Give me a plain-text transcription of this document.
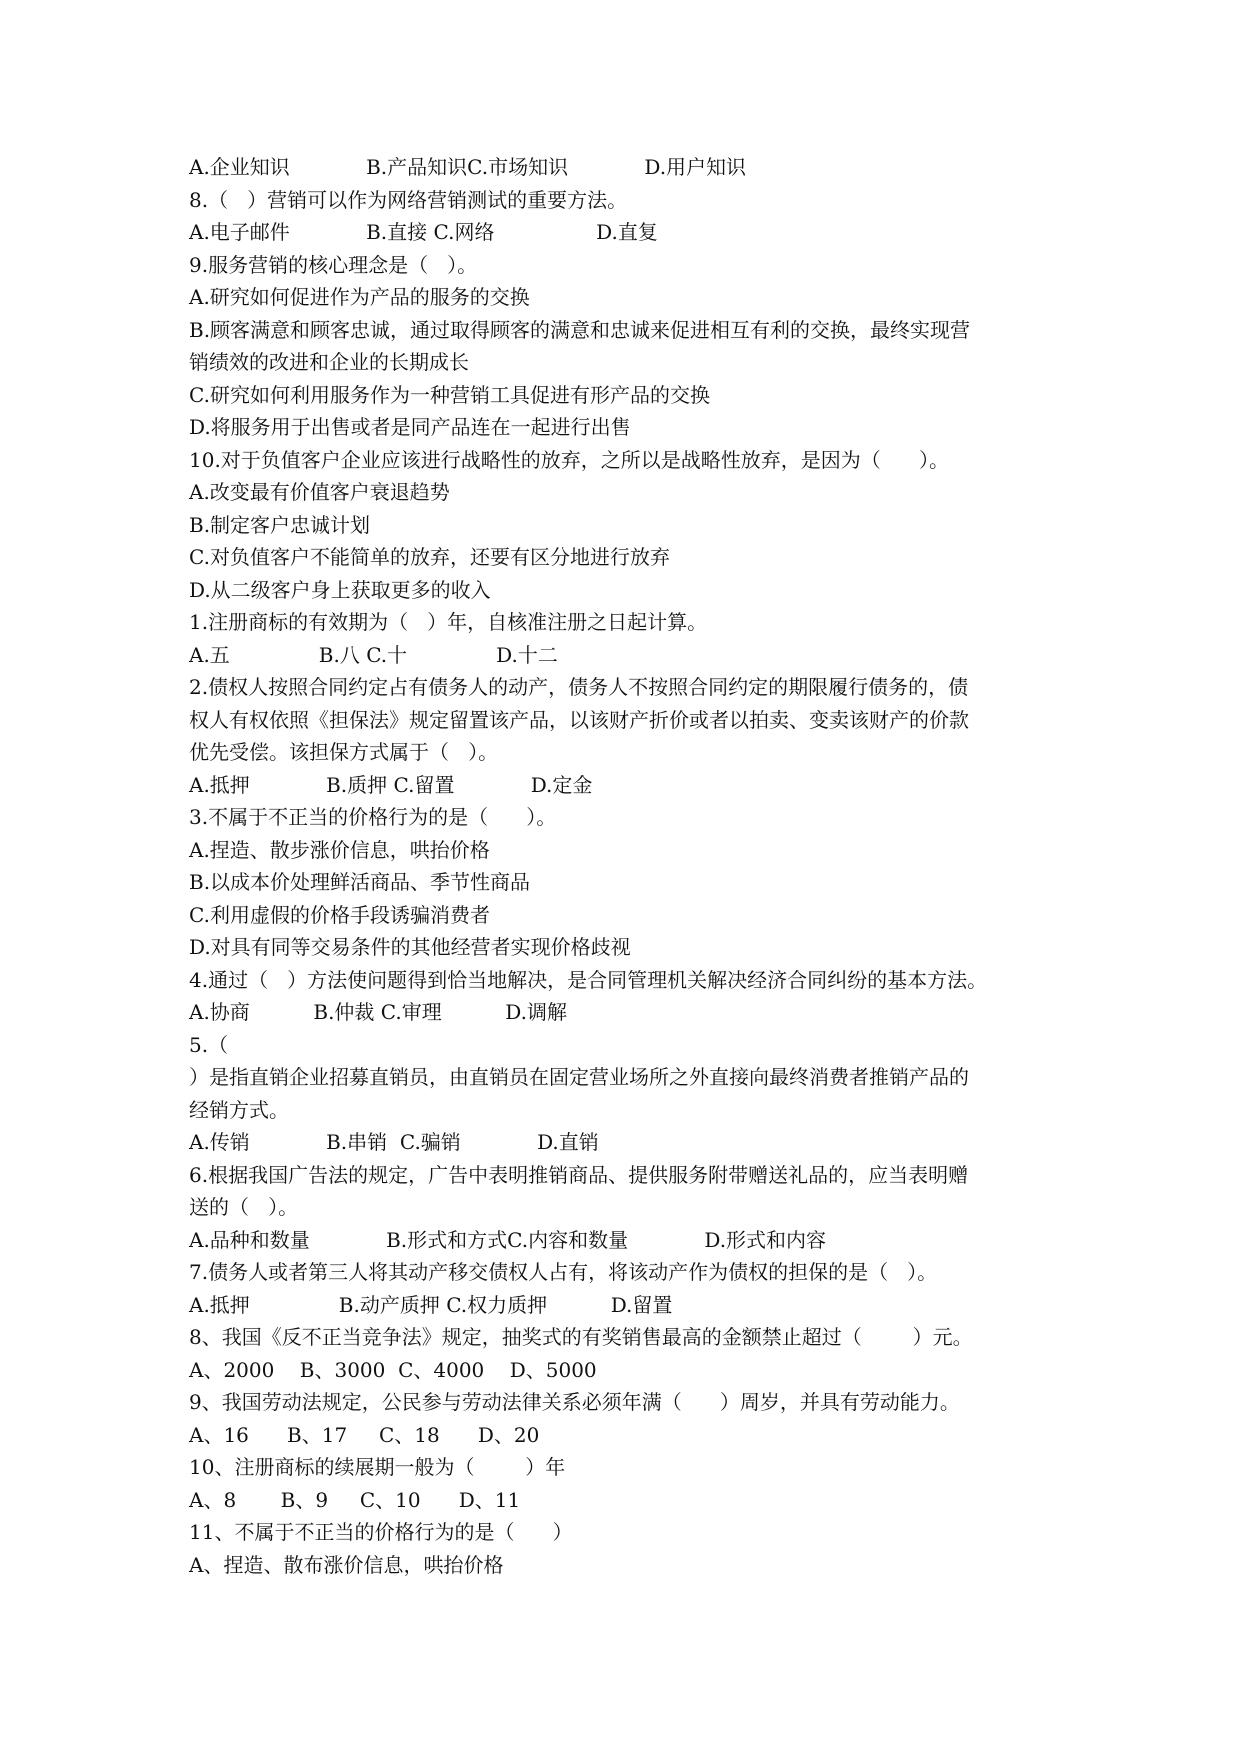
A.企业知识            B.产品知识C.市场知识            D.用户知识
8.（   ）营销可以作为网络营销测试的重要方法。
A.电子邮件            B.直接 C.网络                D.直复
9.服务营销的核心理念是（   ）。
A.研究如何促进作为产品的服务的交换
B.顾客满意和顾客忠诚，通过取得顾客的满意和忠诚来促进相互有利的交换，最终实现营
销绩效的改进和企业的长期成长
C.研究如何利用服务作为一种营销工具促进有形产品的交换
D.将服务用于出售或者是同产品连在一起进行出售
10.对于负值客户企业应该进行战略性的放弃，之所以是战略性放弃，是因为（      ）。
A.改变最有价值客户衰退趋势
B.制定客户忠诚计划
C.对负值客户不能简单的放弃，还要有区分地进行放弃
D.从二级客户身上获取更多的收入
1.注册商标的有效期为（   ）年，自核准注册之日起计算。
A.五              B.八 C.十              D.十二
2.债权人按照合同约定占有债务人的动产，债务人不按照合同约定的期限履行债务的，债
权人有权依照《担保法》规定留置该产品，以该财产折价或者以拍卖、变卖该财产的价款
优先受偿。该担保方式属于（   ）。
A.抵押            B.质押 C.留置            D.定金
3.不属于不正当的价格行为的是（      ）。
A.捏造、散步涨价信息，哄抬价格
B.以成本价处理鲜活商品、季节性商品
C.利用虚假的价格手段诱骗消费者
D.对具有同等交易条件的其他经营者实现价格歧视
4.通过（   ）方法使问题得到恰当地解决，是合同管理机关解决经济合同纠纷的基本方法。
A.协商          B.仲裁 C.审理          D.调解
5.（
）是指直销企业招募直销员，由直销员在固定营业场所之外直接向最终消费者推销产品的
经销方式。
A.传销            B.串销  C.骗销            D.直销
6.根据我国广告法的规定，广告中表明推销商品、提供服务附带赠送礼品的，应当表明赠
送的（   ）。
A.品种和数量            B.形式和方式C.内容和数量            D.形式和内容
7.债务人或者第三人将其动产移交债权人占有，将该动产作为债权的担保的是（   ）。
A.抵押              B.动产质押 C.权力质押          D.留置
8、我国《反不正当竞争法》规定，抽奖式的有奖销售最高的金额禁止超过（        ）元。
A、2000    B、3000  C、4000    D、5000
9、我国劳动法规定，公民参与劳动法律关系必须年满（      ）周岁，并具有劳动能力。
A、16      B、17     C、18      D、20
10、注册商标的续展期一般为（        ）年
A、8       B、9     C、10      D、11
11、不属于不正当的价格行为的是（      ）
A、捏造、散布涨价信息，哄抬价格
